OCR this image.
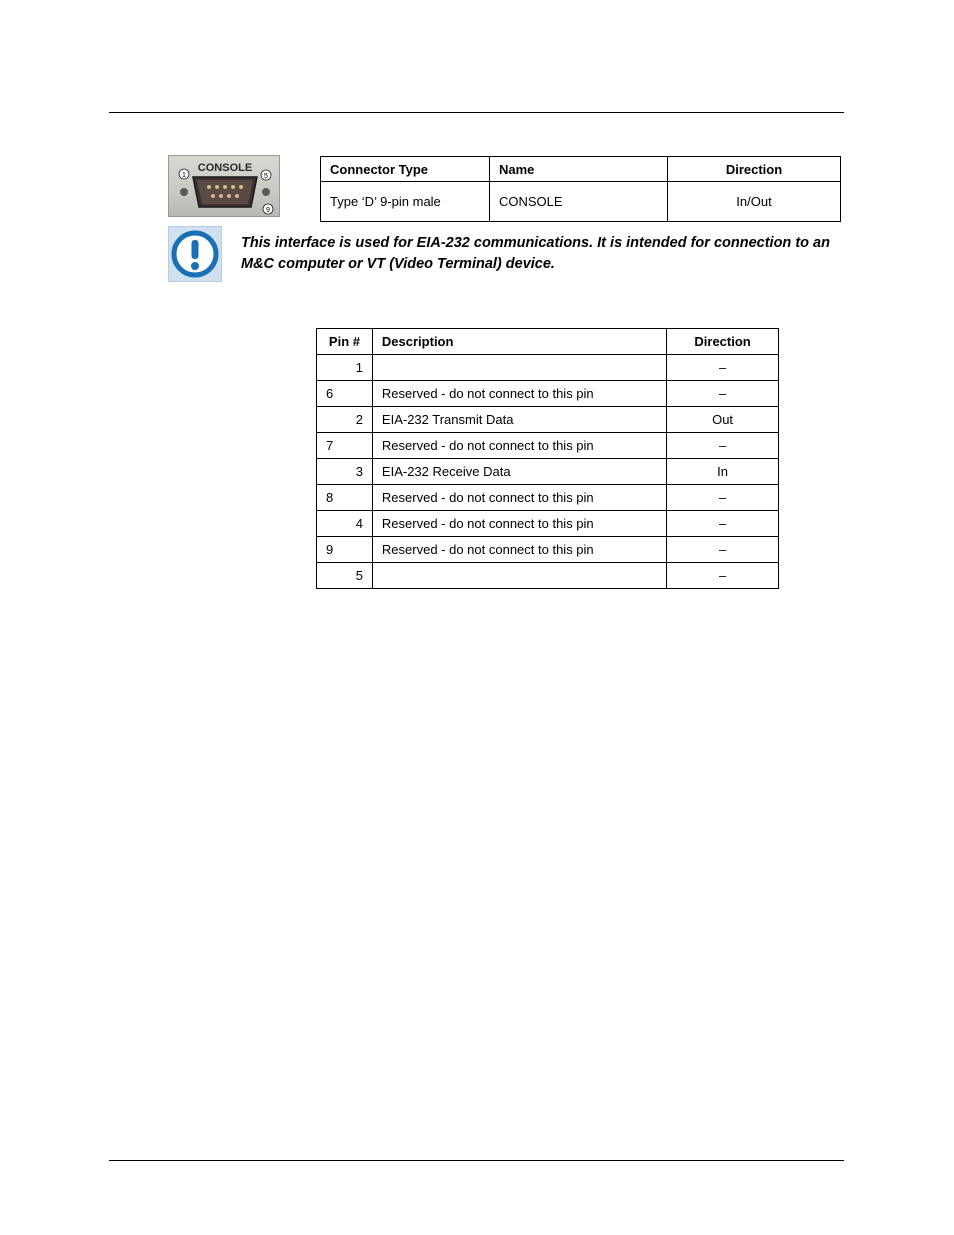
CONSOLE
1	5
9
Connector Type	Name	Direction
Type ‘D’ 9-pin male	CONSOLE	In/Out
This interface is used for EIA-232 communications. It is intended for connection to an M&C computer or VT (Video Terminal) device.
Pin #	Description	Direction
1		–
6	Reserved - do not connect to this pin	–
2	EIA-232 Transmit Data	Out
7	Reserved - do not connect to this pin	–
3	EIA-232 Receive Data	In
8	Reserved - do not connect to this pin	–
4	Reserved - do not connect to this pin	–
9	Reserved - do not connect to this pin	–
5		–
